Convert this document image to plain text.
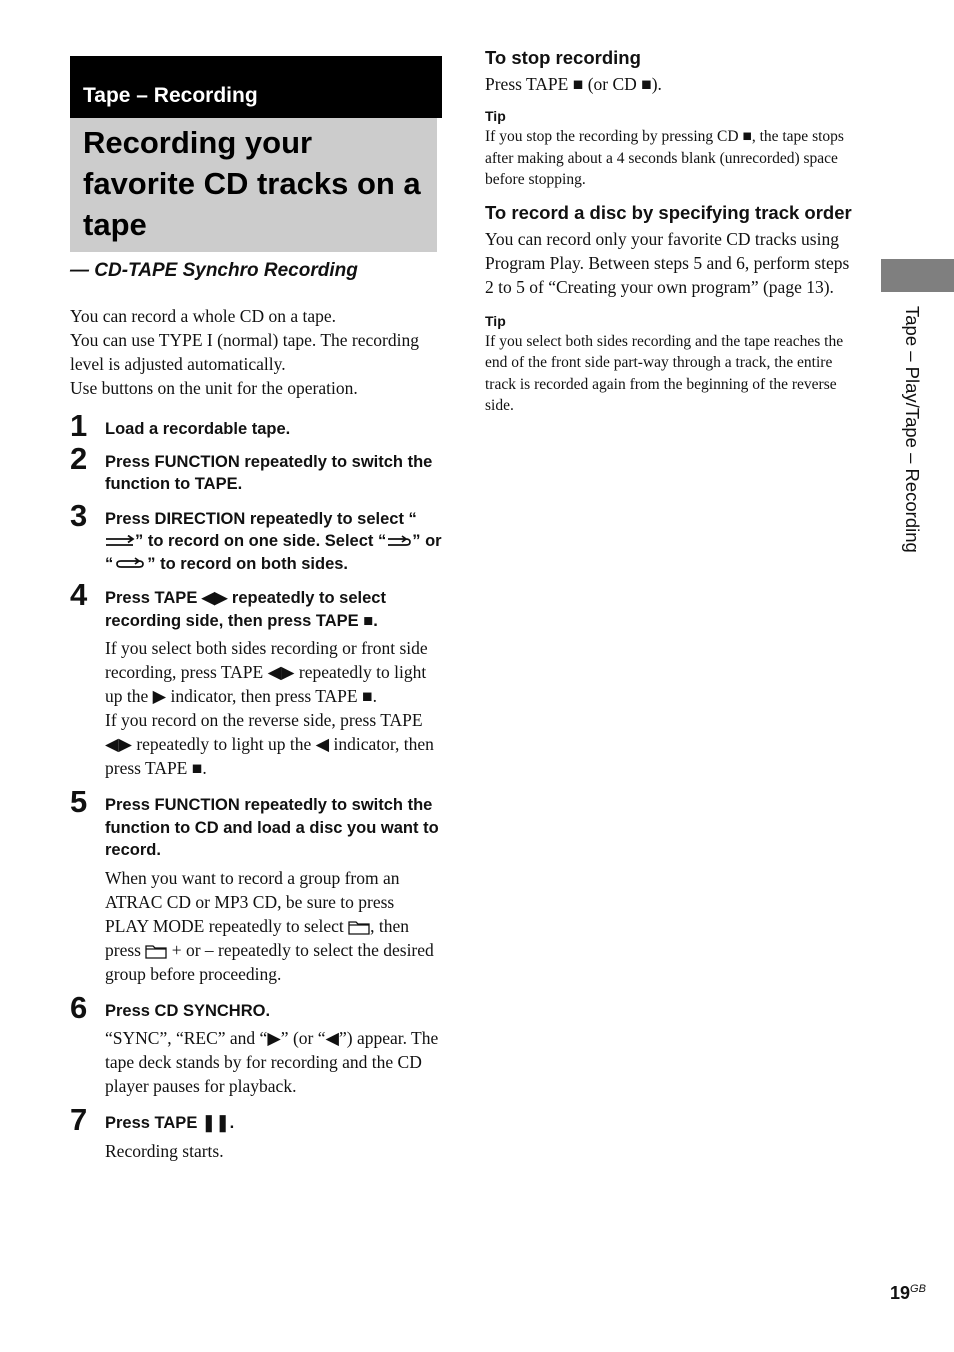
Tape – Recording
Recording your favorite CD tracks on a tape
— CD-TAPE Synchro Recording
You can record a whole CD on a tape.
You can use TYPE I (normal) tape. The recording level is adjusted automatically.
Use buttons on the unit for the operation.
1 Load a recordable tape.
2 Press FUNCTION repeatedly to switch the function to TAPE.
3 Press DIRECTION repeatedly to select “” to record on one side. Select “ ” or “ ” to record on both sides.
4 Press TAPE ◀▶ repeatedly to select recording side, then press TAPE ■.
If you select both sides recording or front side recording, press TAPE ◀▶ repeatedly to light up the ▶ indicator, then press TAPE ■.
If you record on the reverse side, press TAPE ◀▶ repeatedly to light up the ◀ indicator, then press TAPE ■.
5 Press FUNCTION repeatedly to switch the function to CD and load a disc you want to record.
When you want to record a group from an ATRAC CD or MP3 CD, be sure to press PLAY MODE repeatedly to select , then press  + or – repeatedly to select the desired group before proceeding.
6 Press CD SYNCHRO.
“SYNC”, “REC” and “▶” (or “◀”) appear. The tape deck stands by for recording and the CD player pauses for playback.
7 Press TAPE ❚❚.
Recording starts.
To stop recording
Press TAPE ■ (or CD ■).
Tip
If you stop the recording by pressing CD ■, the tape stops after making about a 4 seconds blank (unrecorded) space before stopping.
To record a disc by specifying track order
You can record only your favorite CD tracks using Program Play. Between steps 5 and 6, perform steps 2 to 5 of “Creating your own program” (page 13).
Tip
If you select both sides recording and the tape reaches the end of the front side part-way through a track, the entire track is recorded again from the beginning of the reverse side.	Tape – Play/Tape – Recording
$19^{GB}$
